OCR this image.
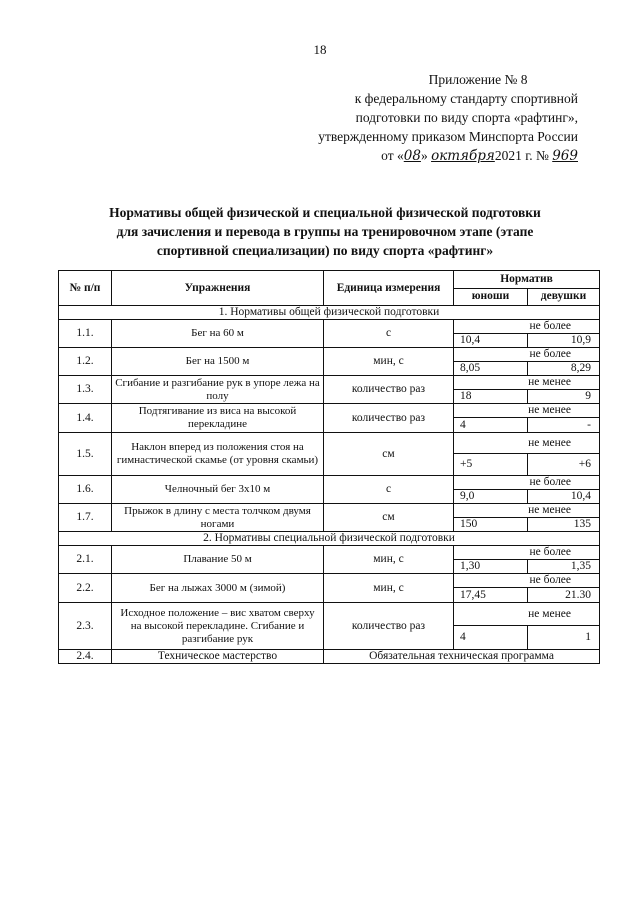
18
Приложение № 8
к федеральному стандарту спортивной
подготовки по виду спорта «рафтинг»,
утвержденному приказом Минспорта России
от «08» октября2021 г. № 969
Нормативы общей физической и специальной физической подготовки
для зачисления и перевода в группы на тренировочном этапе (этапе
спортивной специализации) по виду спорта «рафтинг»
№ п/п	Упражнения	Единица измерения	Норматив	
			юноши	девушки
1. Нормативы общей физической подготовки				
1.1.	Бег на 60 м	с	не более	
			10,4	10,9
1.2.	Бег на 1500 м	мин, с	не более	
			8,05	8,29
1.3.	Сгибание и разгибание рук в упоре лежа на полу	количество раз	не менее	
			18	9
1.4.	Подтягивание из виса на высокой перекладине	количество раз	не менее	
			4	-
1.5.	Наклон вперед из положения стоя на гимнастической скамье (от уровня скамьи)	см	не менее	
			+5	+6
1.6.	Челночный бег 3х10 м	с	не более	
			9,0	10,4
1.7.	Прыжок в длину с места толчком двумя ногами	см	не менее	
			150	135
2. Нормативы специальной физической подготовки				
2.1.	Плавание 50 м	мин, с	не более	
			1,30	1,35
2.2.	Бег на лыжах 3000 м (зимой)	мин, с	не более	
			17,45	21.30
2.3.	Исходное положение – вис хватом сверху на высокой перекладине. Сгибание и разгибание рук	количество раз	не менее	
			4	1
2.4.	Техническое мастерство	Обязательная техническая программа		
